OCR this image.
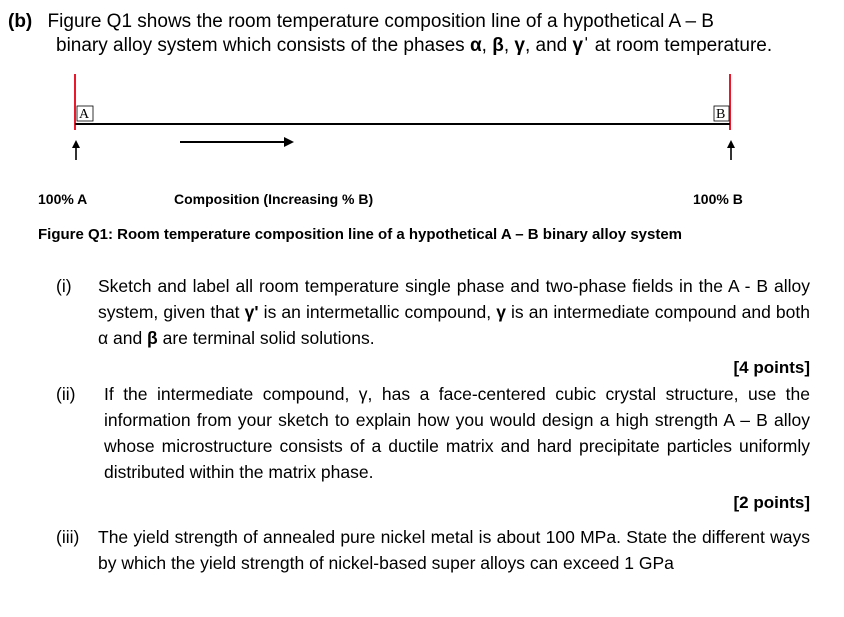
(b) Figure Q1 shows the room temperature composition line of a hypothetical A – B
binary alloy system which consists of the phases α, β, γ, and γˈ at room temperature.
A	B
100% A	Composition (Increasing % B)	100% B
Figure Q1: Room temperature composition line of a hypothetical A – B binary alloy system
(i) Sketch and label all room temperature single phase and two-phase fields in the A - B alloy system, given that γ' is an intermetallic compound, γ is an intermediate compound and both α and β are terminal solid solutions.
[4 points]
(ii) If the intermediate compound, γ, has a face-centered cubic crystal structure, use the information from your sketch to explain how you would design a high strength A – B alloy whose microstructure consists of a ductile matrix and hard precipitate particles uniformly distributed within the matrix phase.
[2 points]
(iii) The yield strength of annealed pure nickel metal is about 100 MPa. State the different ways by which the yield strength of nickel-based super alloys can exceed 1 GPa
